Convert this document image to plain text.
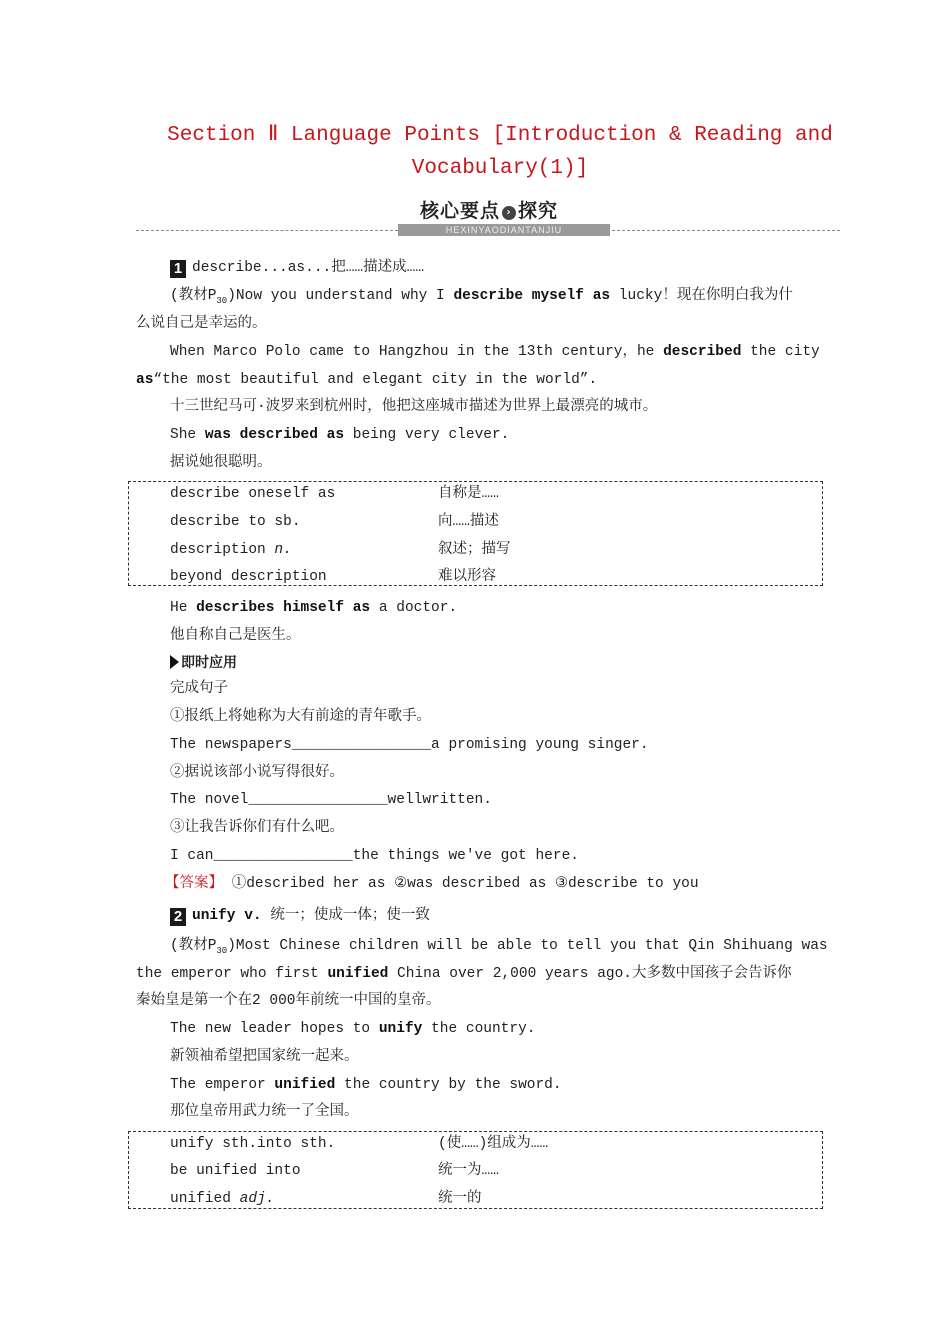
Section Ⅱ Language Points [Introduction & Reading and
Vocabulary(1)]
核心要点 › 探究
HEXINYAODIANTANJIU
1 describe...as...把……描述成……
(教材$P_{30})Now$ you understand why I describe myself as lucky！现在你明白我为什
么说自己是幸运的。
When Marco Polo came to Hangzhou in the 13th century，he described the city
as“the most beautiful and elegant city in the world”.
十三世纪马可·波罗来到杭州时，他把这座城市描述为世界上最漂亮的城市。
She was described as being very clever.
据说她很聪明。
describe oneself as	自称是……
describe to sb.	向……描述
description n.	叙述；描写
beyond description	难以形容
He describes himself as a doctor.
他自称自己是医生。
即时应用
完成句子
①报纸上将她称为大有前途的青年歌手。
The newspapers________________a promising young singer.
②据说该部小说写得很好。
The novel________________wellwritten.
③让我告诉你们有什么吧。
I can________________the things we've got here.
【答案】 ①described her as ②was described as ③describe to you
2 unify v. 统一；使成一体；使一致
(教材$P_{30})Most$ Chinese children will be able to tell you that Qin Shihuang was
the emperor who first unified China over 2,000 years ago.大多数中国孩子会告诉你
秦始皇是第一个在2 000年前统一中国的皇帝。
The new leader hopes to unify the country.
新领袖希望把国家统一起来。
The emperor unified the country by the sword.
那位皇帝用武力统一了全国。
unify sth.into sth.	(使……)组成为……
be unified into	统一为……
unified adj.	统一的
